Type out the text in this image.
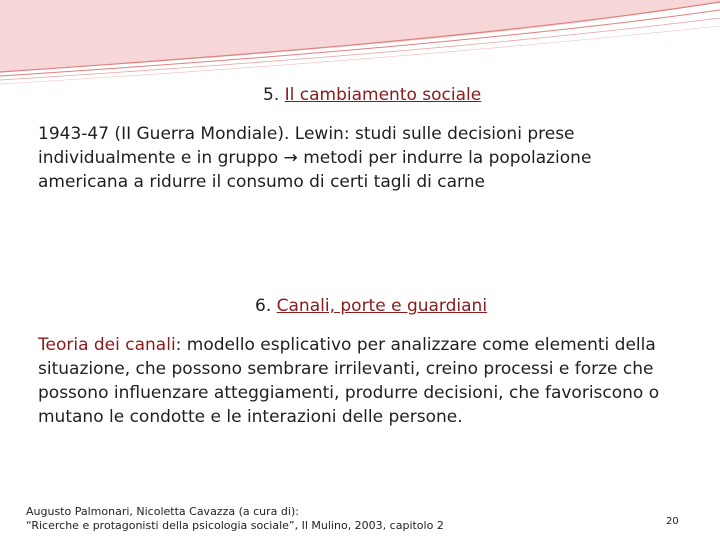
5. Il cambiamento sociale
1943-47 (II Guerra Mondiale). Lewin: studi sulle decisioni prese
individualmente e in gruppo → metodi per indurre la popolazione
americana a ridurre il consumo di certi tagli di carne
6. Canali, porte e guardiani
Teoria dei canali: modello esplicativo per analizzare come elementi della
situazione, che possono sembrare irrilevanti, creino processi e forze che
possono influenzare atteggiamenti, produrre decisioni, che favoriscono o
mutano le condotte e le interazioni delle persone.
Augusto Palmonari, Nicoletta Cavazza (a cura di):
“Ricerche e protagonisti della psicologia sociale”, Il Mulino, 2003, capitolo 2	20
